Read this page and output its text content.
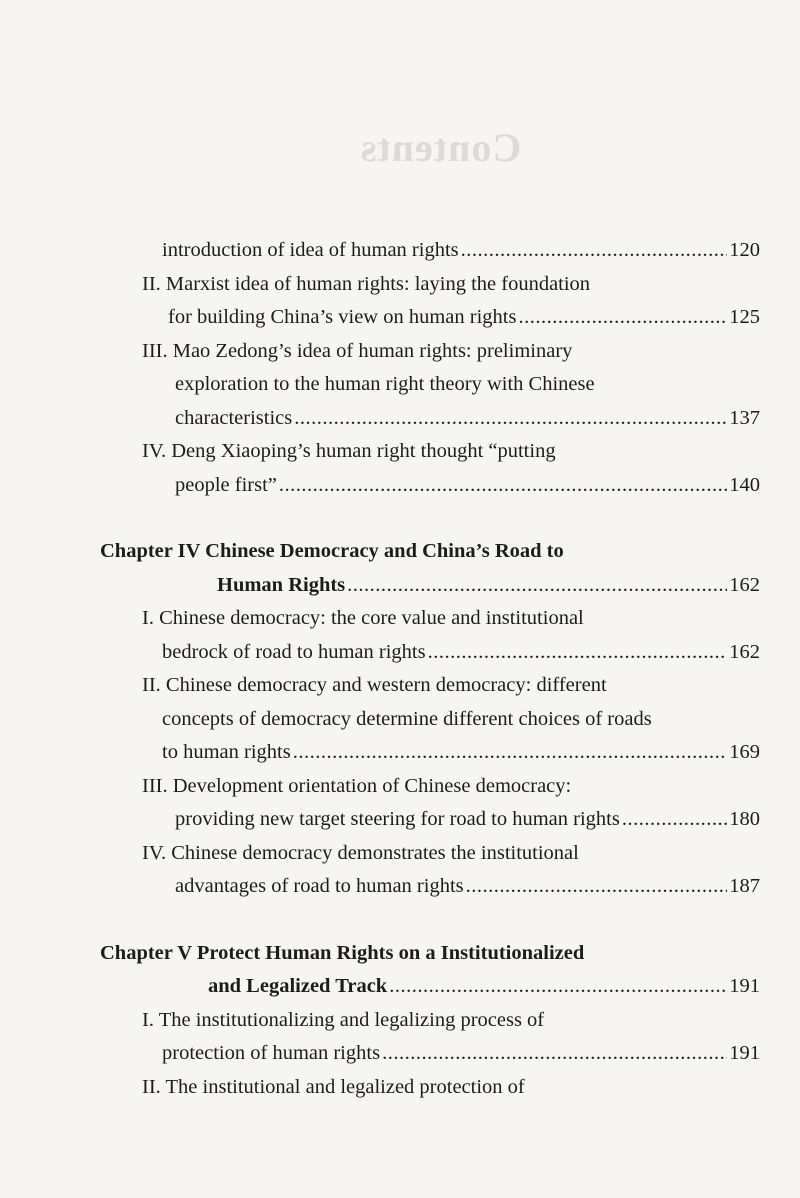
Contents
introduction of idea of human rights .....	120
II. Marxist idea of human rights: laying the foundation
for building China’s view on human rights .....	125
III. Mao Zedong’s idea of human rights: preliminary
exploration to the human right theory with Chinese
characteristics .....	137
IV. Deng Xiaoping’s human right thought “putting
people first” .....	140
Chapter IV Chinese Democracy and China’s Road to
Human Rights .....	162
I. Chinese democracy: the core value and institutional
bedrock of road to human rights .....	162
II. Chinese democracy and western democracy: different
concepts of democracy determine different choices of roads
to human rights .....	169
III. Development orientation of Chinese democracy:
providing new target steering for road to human rights .....	180
IV. Chinese democracy demonstrates the institutional
advantages of road to human rights .....	187
Chapter V Protect Human Rights on a Institutionalized
and Legalized Track .....	191
I. The institutionalizing and legalizing process of
protection of human rights .....	191
II. The institutional and legalized protection of
